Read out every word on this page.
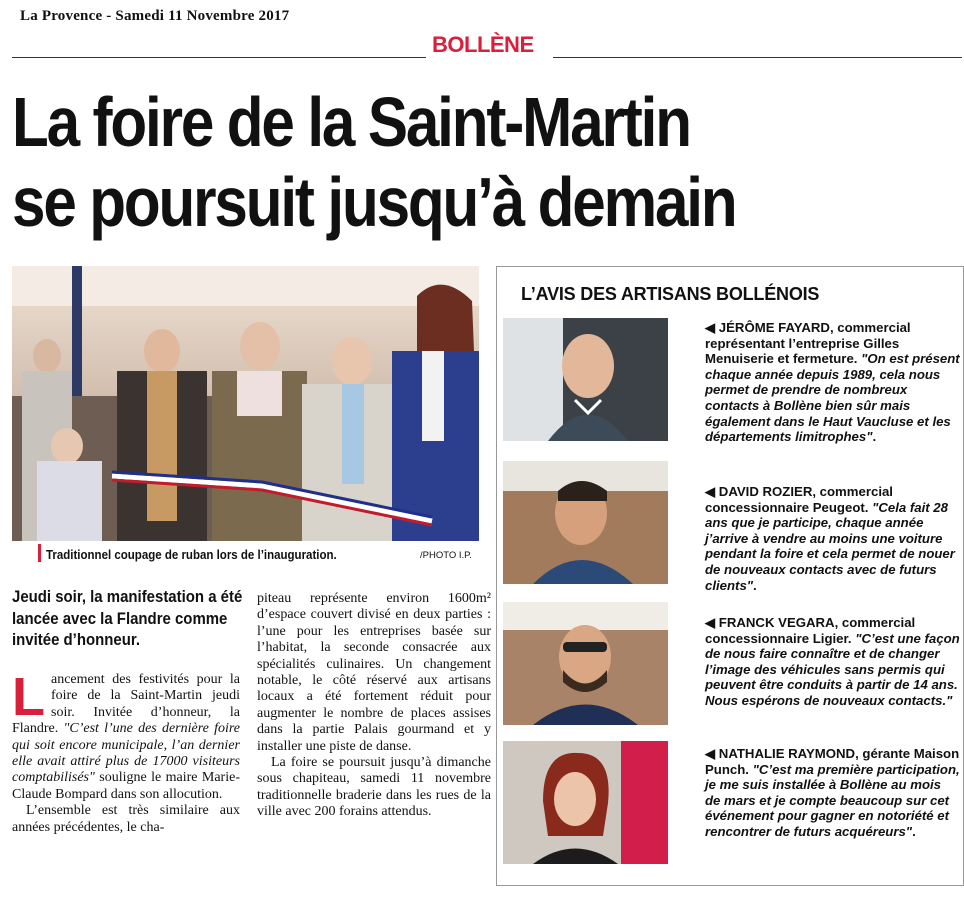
La Provence - Samedi 11 Novembre 2017
BOLLÈNE
La foire de la Saint-Martin
se poursuit jusqu’à demain
Traditionnel coupage de ruban lors de l’inauguration.	/PHOTO I.P.
Jeudi soir, la manifestation a été lancée avec la Flandre comme invitée d’honneur.

Lancement des festivités pour la foire de la Saint-Martin jeudi soir. Invitée d’honneur, la Flandre. "C’est l’une des dernière foire qui soit encore municipale, l’an dernier elle avait attiré plus de 17000 visiteurs comptabilisés" souligne le maire Marie-Claude Bompard dans son allocution.

L’ensemble est très similaire aux années précédentes, le cha-

piteau représente environ 1600m² d’espace couvert divisé en deux parties : l’une pour les entreprises basée sur l’habitat, la seconde consacrée aux spécialités culinaires. Un changement notable, le côté réservé aux artisans locaux a été fortement réduit pour augmenter le nombre de places assises dans la partie Palais gourmand et y installer une piste de danse.

La foire se poursuit jusqu’à dimanche sous chapiteau, samedi 11 novembre traditionnelle braderie dans les rues de la ville avec 200 forains attendus.

L’AVIS DES ARTISANS BOLLÉNOIS
◀ JÉRÔME FAYARD, commercial représentant l’entreprise Gilles Menuiserie et fermeture. "On est présent chaque année depuis 1989, cela nous permet de prendre de nombreux contacts à Bollène bien sûr mais également dans le Haut Vaucluse et les départements limitrophes".
◀ DAVID ROZIER, commercial concessionnaire Peugeot. "Cela fait 28 ans que je participe, chaque année j’arrive à vendre au moins une voiture pendant la foire et cela permet de nouer de nouveaux contacts avec de futurs clients".
◀ FRANCK VEGARA, commercial concessionnaire Ligier. "C’est une façon de nous faire connaître et de changer l’image des véhicules sans permis qui peuvent être conduits à partir de 14 ans. Nous espérons de nouveaux contacts."
◀ NATHALIE RAYMOND, gérante Maison Punch. "C’est ma première participation, je me suis installée à Bollène au mois de mars et je compte beaucoup sur cet événement pour gagner en notoriété et rencontrer de futurs acquéreurs".
